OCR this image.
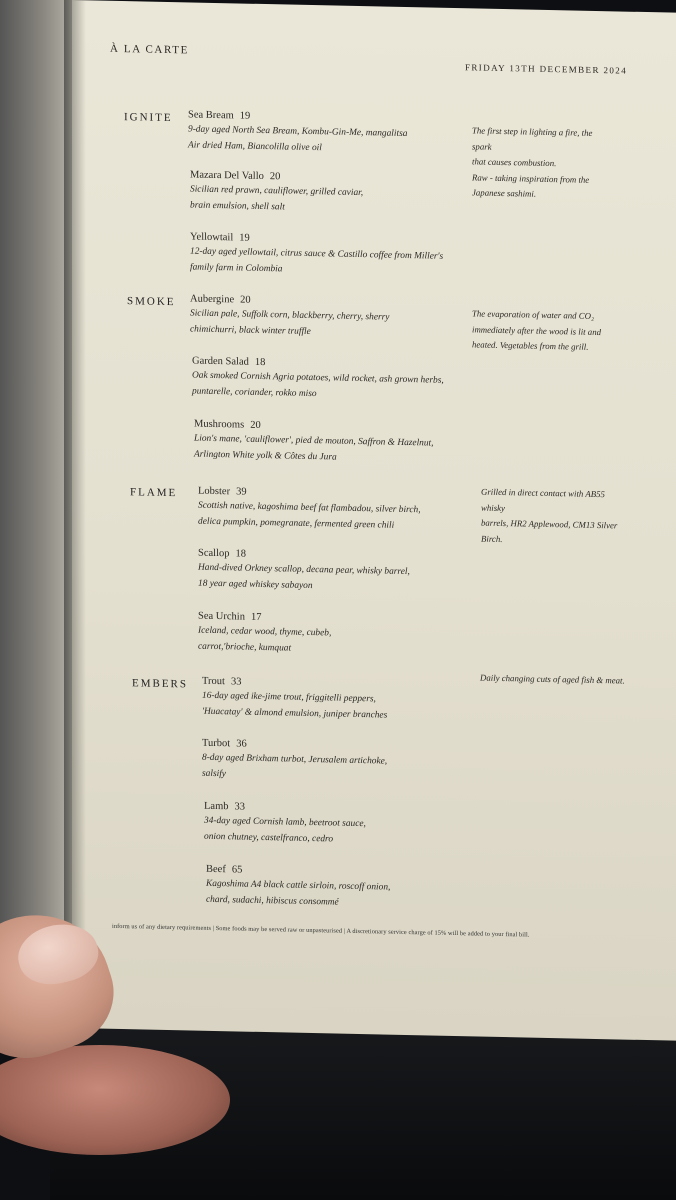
À LA CARTE
FRIDAY 13TH DECEMBER 2024
IGNITE
The first step in lighting a fire, the spark
that causes combustion.
Raw - taking inspiration from the
Japanese sashimi.
Sea Bream 19
9-day aged North Sea Bream, Kombu-Gin-Me, mangalitsa
Air dried Ham, Biancolilla olive oil
Mazara Del Vallo 20
Sicilian red prawn, cauliflower, grilled caviar,
brain emulsion, shell salt
Yellowtail 19
12-day aged yellowtail, citrus sauce & Castillo coffee from Miller's
family farm in Colombia
SMOKE
The evaporation of water and CO₂
immediately after the wood is lit and
heated. Vegetables from the grill.
Aubergine 20
Sicilian pale, Suffolk corn, blackberry, cherry, sherry
chimichurri, black winter truffle
Garden Salad 18
Oak smoked Cornish Agria potatoes, wild rocket, ash grown herbs,
puntarelle, coriander, rokko miso
Mushrooms 20
Lion's mane, 'cauliflower', pied de mouton, Saffron & Hazelnut,
Arlington White yolk & Côtes du Jura
FLAME	Grilled in direct contact with AB55 whisky
barrels, HR2 Applewood, CM13 Silver
Birch.
Lobster 39
Scottish native, kagoshima beef fat flambadou, silver birch,
delica pumpkin, pomegranate, fermented green chili
Scallop 18
Hand-dived Orkney scallop, decana pear, whisky barrel,
18 year aged whiskey sabayon
Sea Urchin 17
Iceland, cedar wood, thyme, cubeb,
carrot,'brioche, kumquat
EMBERS	Daily changing cuts of aged fish & meat.
Trout 33
16-day aged ike-jime trout, friggitelli peppers,
'Huacatay' & almond emulsion, juniper branches
Turbot 36
8-day aged Brixham turbot, Jerusalem artichoke,
salsify
Lamb 33
34-day aged Cornish lamb, beetroot sauce,
onion chutney, castelfranco, cedro
Beef 65
Kagoshima A4 black cattle sirloin, roscoff onion,
chard, sudachi, hibiscus consommé
inform us of any dietary requirements | Some foods may be served raw or unpasteurised | A discretionary service charge of 15% will be added to your final bill.
